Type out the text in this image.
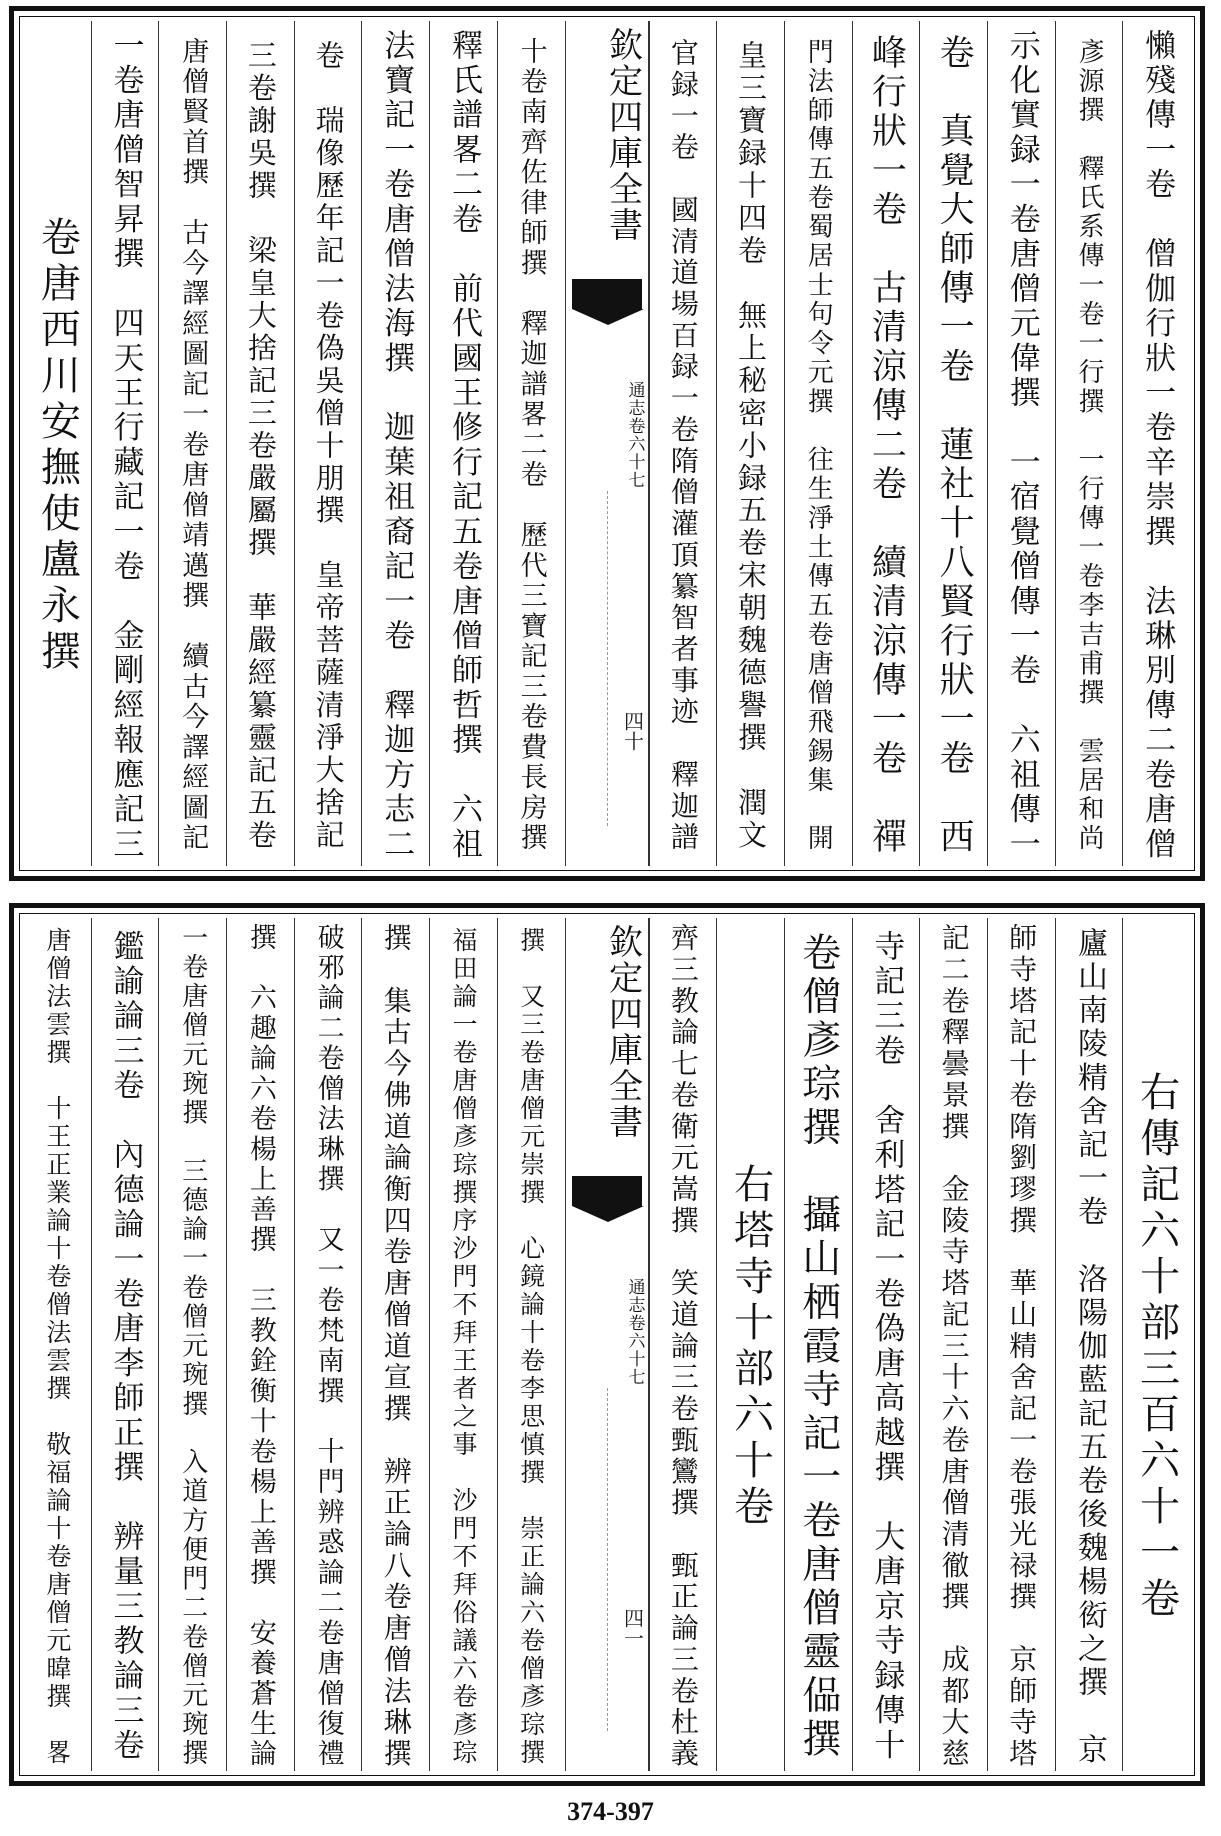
懶殘傳一卷　僧伽行狀一卷辛崇撰　法琳別傳二卷唐僧
彥源撰　釋氏系傳一卷一行撰　一行傳一卷李吉甫撰　雲居和尚
示化實録一卷唐僧元偉撰　一宿覺僧傳一卷　六祖傳一
卷　真覺大師傳一卷　蓮社十八賢行狀一卷　西
峰行狀一卷　古清涼傳二卷　續清涼傳一卷　禪
門法師傳五卷蜀居士句令元撰　往生淨土傳五卷唐僧飛錫集　開
皇三寶録十四卷　無上秘密小録五卷宋朝魏德譽撰　潤文
官録一卷　國清道場百録一卷隋僧灌頂纂智者事迹　釋迦譜
欽定四庫全書
通志卷六十七
四十
十卷南齊佐律師撰　釋迦譜畧二卷　歷代三寶記三卷費長房撰
釋氏譜畧二卷　前代國王修行記五卷唐僧師哲撰　六祖
法寶記一卷唐僧法海撰　迦葉祖裔記一卷　釋迦方志二
卷　瑞像歷年記一卷偽吳僧十朋撰　皇帝菩薩清淨大捨記
三卷謝吳撰　梁皇大捨記三卷嚴屬撰　華嚴經纂靈記五卷
唐僧賢首撰　古今譯經圖記一卷唐僧靖邁撰　續古今譯經圖記
一卷唐僧智昇撰　四天王行藏記一卷　金剛經報應記三
卷唐西川安撫使盧永撰
右傳記六十部三百六十一卷
廬山南陵精舍記一卷　洛陽伽藍記五卷後魏楊衒之撰　京
師寺塔記十卷隋劉璆撰　華山精舍記一卷張光禄撰　京師寺塔
記二卷釋曇景撰　金陵寺塔記三十六卷唐僧清徹撰　成都大慈
寺記三卷　舍利塔記一卷偽唐高越撰　大唐京寺録傳十
卷僧彥琮撰　攝山栖霞寺記一卷唐僧靈偘撰
右塔寺十部六十卷
齊三教論七卷衛元嵩撰　笑道論三卷甄鸞撰　甄正論三卷杜義
欽定四庫全書
通志卷六十七
四一
撰　又三卷唐僧元崇撰　心鏡論十卷李思慎撰　崇正論六卷僧彥琮撰
福田論一卷唐僧彥琮撰序沙門不拜王者之事　沙門不拜俗議六卷彥琮
撰　集古今佛道論衡四卷唐僧道宣撰　辨正論八卷唐僧法琳撰
破邪論二卷僧法琳撰　又一卷梵南撰　十門辨惑論二卷唐僧復禮
撰　六趣論六卷楊上善撰　三教銓衡十卷楊上善撰　安養蒼生論
一卷唐僧元琬撰　三德論一卷僧元琬撰　入道方便門二卷僧元琬撰
鑑諭論三卷　內德論一卷唐李師正撰　辨量三教論三卷
唐僧法雲撰　十王正業論十卷僧法雲撰　敬福論十卷唐僧元暐撰　畧
374-397
